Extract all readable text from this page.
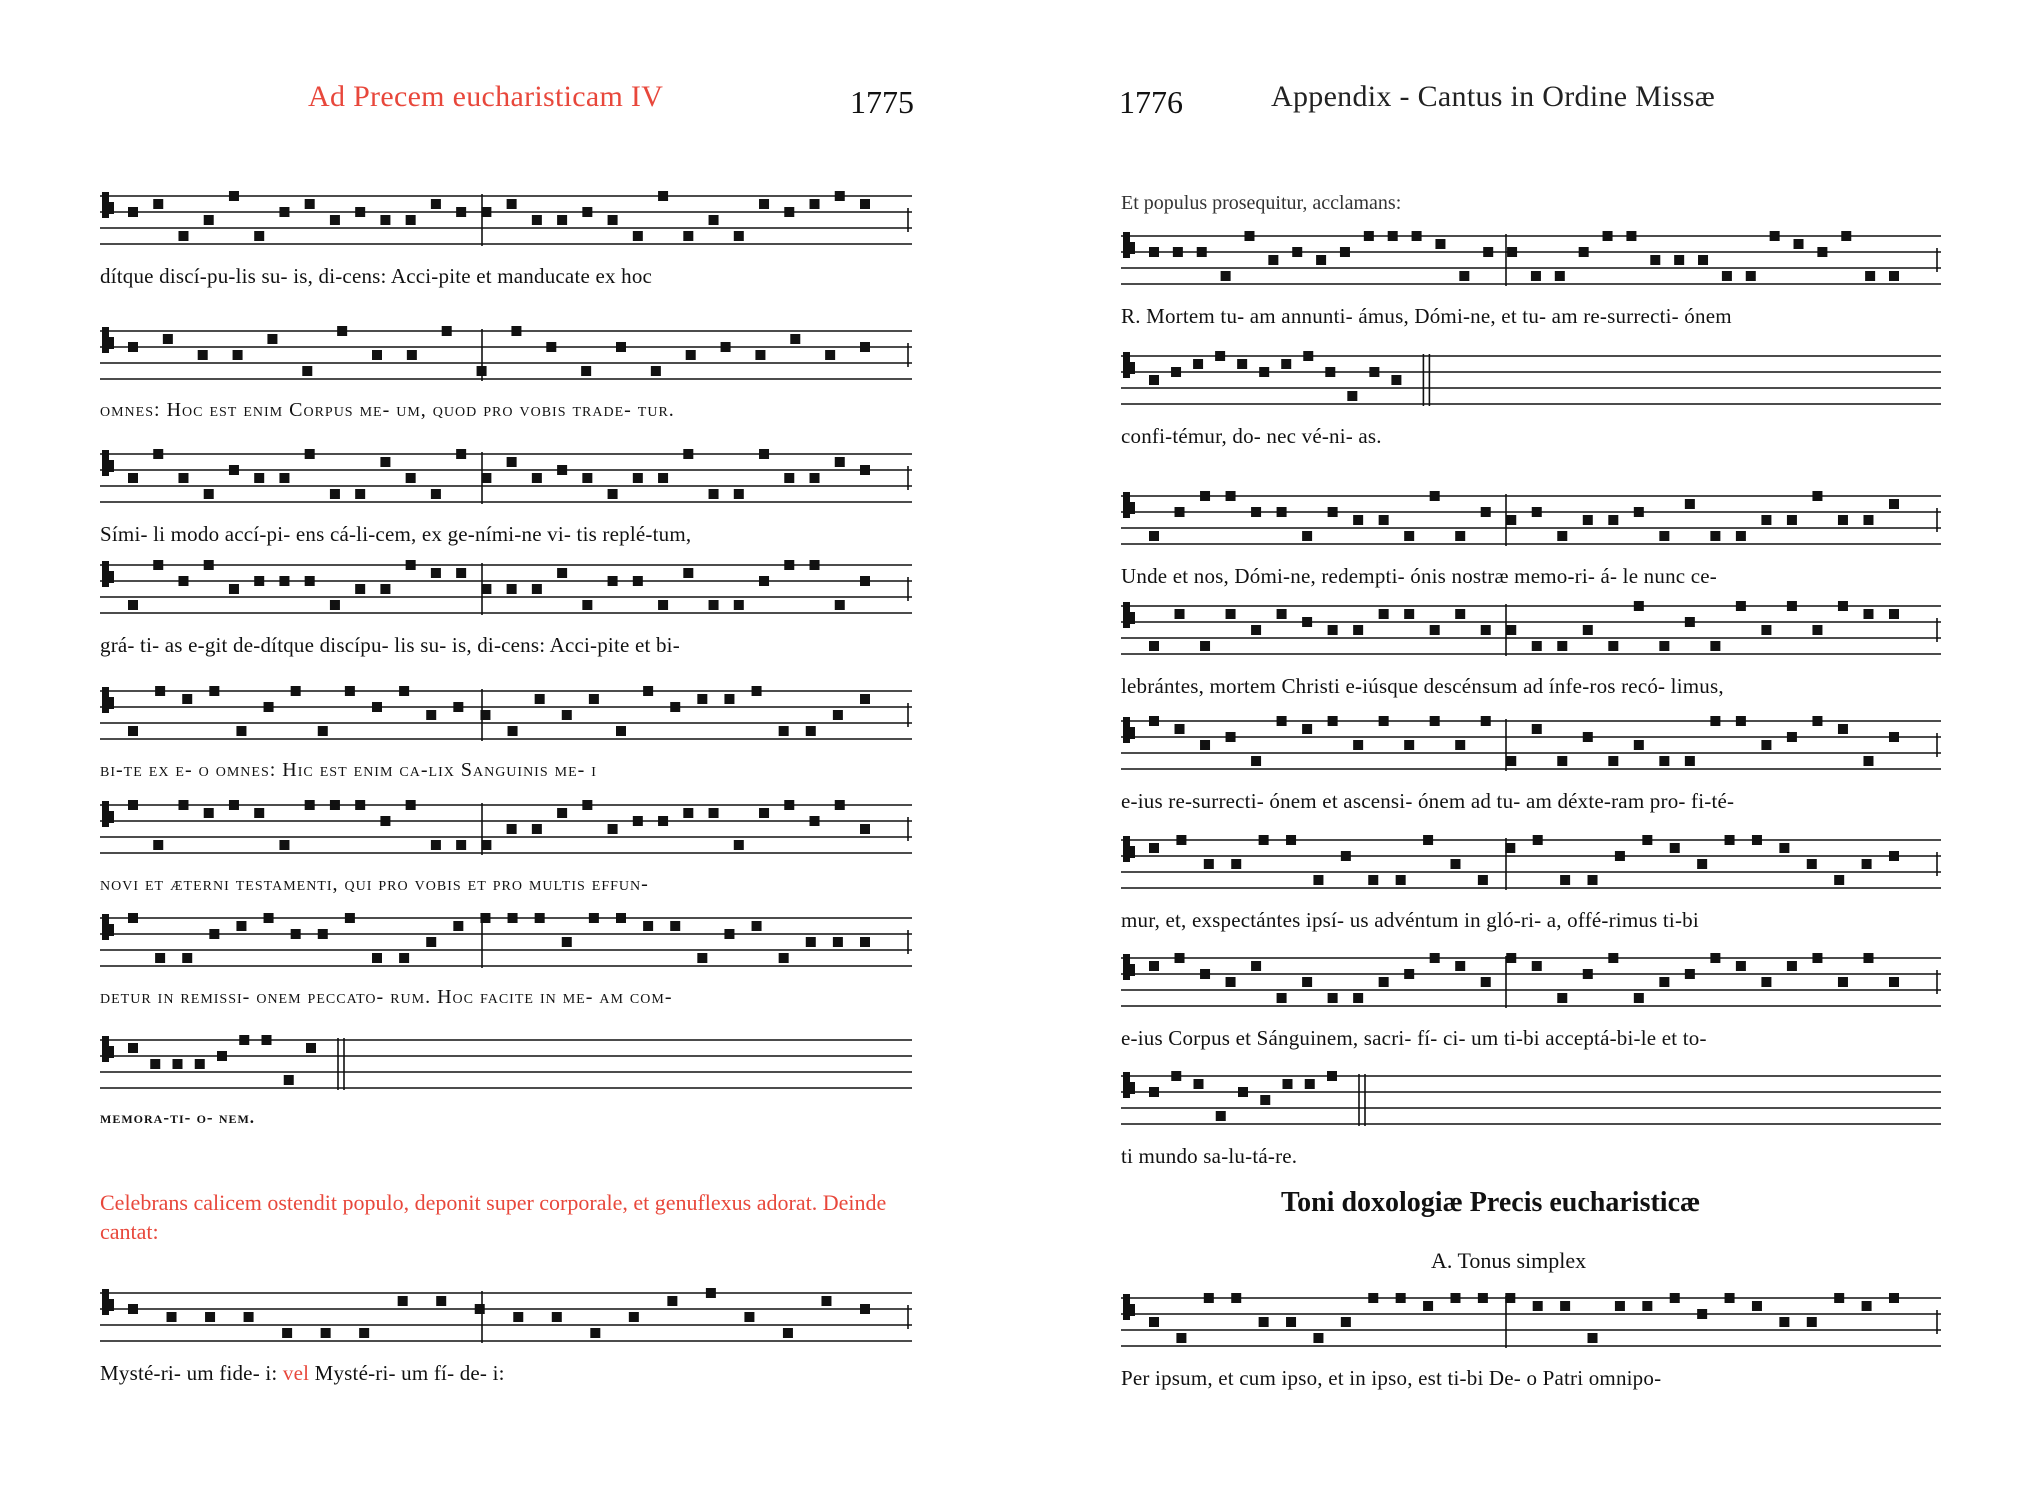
Ad Precem eucharisticam IV	1775
dítque discí-pu-lis su- is, di-cens: Acci-pite et manducate ex hoc
omnes: Hoc est enim Corpus me- um, quod pro vobis trade- tur.
Sími- li modo accí-pi- ens cá-li-cem, ex ge-ními-ne vi- tis replé-tum,
grá- ti- as e-git de-dítque discípu- lis su- is, di-cens: Acci-pite et bi-
bi-te ex e- o omnes: Hic est enim ca-lix Sanguinis me- i
novi et æterni testamenti, qui pro vobis et pro multis effun-
detur in remissi- onem peccato- rum. Hoc facite in me- am com-
memora-ti- o- nem.
Celebrans calicem ostendit populo, deponit super corporale, et genuflexus adorat. Deinde cantat:
Mysté-ri- um fide- i: vel Mysté-ri- um fí- de- i:
1776	Appendix - Cantus in Ordine Missæ
Et populus prosequitur, acclamans:
R. Mortem tu- am annunti- ámus, Dómi-ne, et tu- am re-surrecti- ónem
confi-témur, do- nec vé-ni- as.
Unde et nos, Dómi-ne, redempti- ónis nostræ memo-ri- á- le nunc ce-
lebrántes, mortem Christi e-iúsque descénsum ad ínfe-ros recó- limus,
e-ius re-surrecti- ónem et ascensi- ónem ad tu- am déxte-ram pro- fi-té-
mur, et, exspectántes ipsí- us advéntum in gló-ri- a, offé-rimus ti-bi
e-ius Corpus et Sánguinem, sacri- fí- ci- um ti-bi acceptá-bi-le et to-
ti mundo sa-lu-tá-re.
Toni doxologiæ Precis eucharisticæ
A. Tonus simplex
Per ipsum, et cum ipso, et in ipso, est ti-bi De- o Patri omnipo-
